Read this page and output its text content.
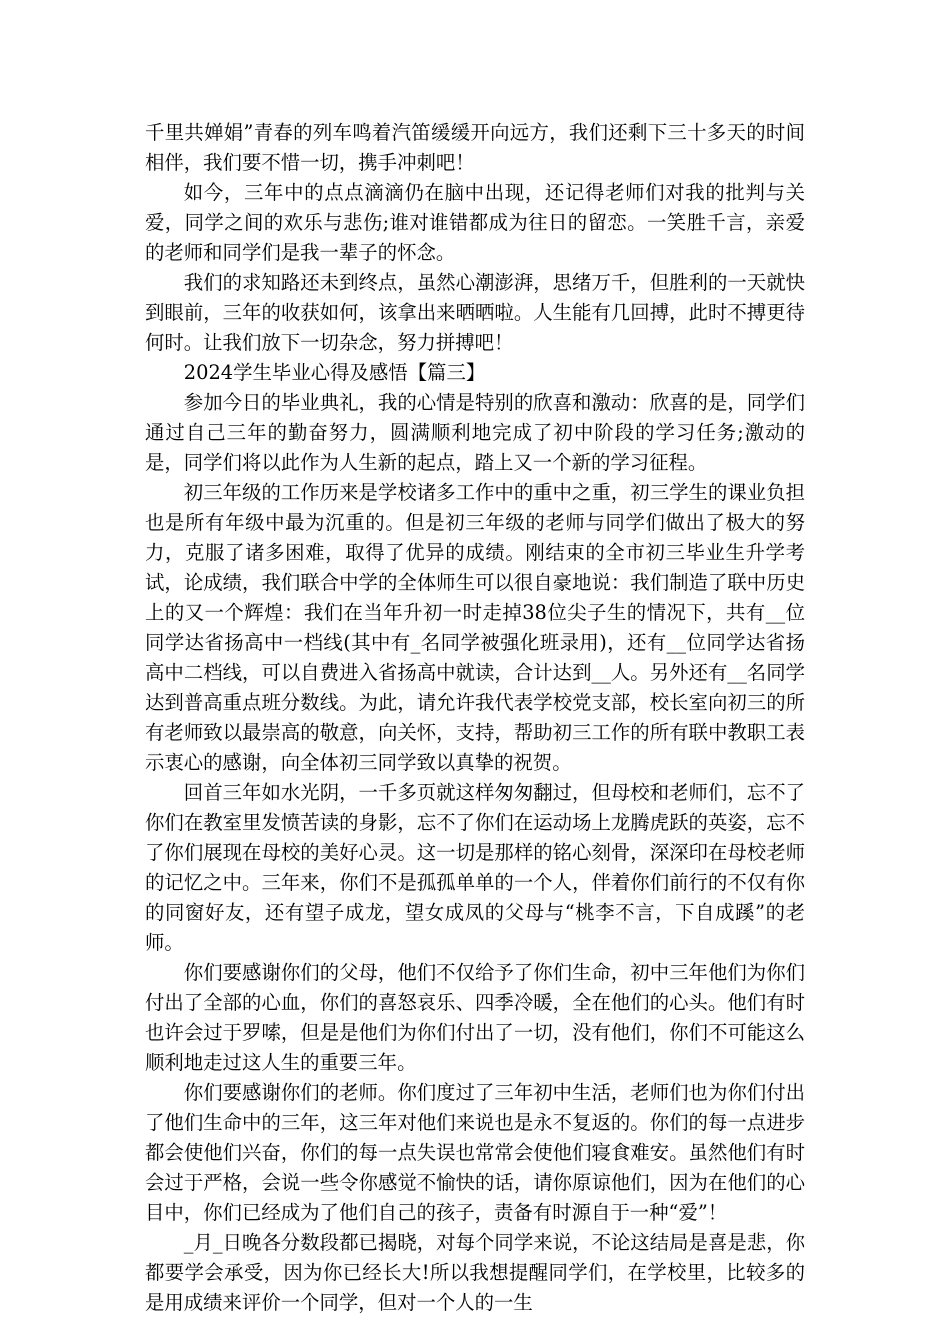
千里共婵娟”青春的列车鸣着汽笛缓缓开向远方，我们还剩下三十多天的时间相伴，我们要不惜一切，携手冲刺吧！

如今，三年中的点点滴滴仍在脑中出现，还记得老师们对我的批判与关爱，同学之间的欢乐与悲伤;谁对谁错都成为往日的留恋。一笑胜千言，亲爱的老师和同学们是我一辈子的怀念。

我们的求知路还未到终点，虽然心潮澎湃，思绪万千，但胜利的一天就快到眼前，三年的收获如何，该拿出来晒晒啦。人生能有几回搏，此时不搏更待何时。让我们放下一切杂念，努力拼搏吧！

2024学生毕业心得及感悟【篇三】

参加今日的毕业典礼，我的心情是特别的欣喜和激动：欣喜的是，同学们通过自己三年的勤奋努力，圆满顺利地完成了初中阶段的学习任务;激动的是，同学们将以此作为人生新的起点，踏上又一个新的学习征程。

初三年级的工作历来是学校诸多工作中的重中之重，初三学生的课业负担也是所有年级中最为沉重的。但是初三年级的老师与同学们做出了极大的努力，克服了诸多困难，取得了优异的成绩。刚结束的全市初三毕业生升学考试，论成绩，我们联合中学的全体师生可以很自豪地说：我们制造了联中历史上的又一个辉煌：我们在当年升初一时走掉38位尖子生的情况下，共有__位同学达省扬高中一档线(其中有_名同学被强化班录用)，还有__位同学达省扬高中二档线，可以自费进入省扬高中就读，合计达到__人。另外还有__名同学达到普高重点班分数线。为此，请允许我代表学校党支部，校长室向初三的所有老师致以最崇高的敬意，向关怀，支持，帮助初三工作的所有联中教职工表示衷心的感谢，向全体初三同学致以真挚的祝贺。

回首三年如水光阴，一千多页就这样匆匆翻过，但母校和老师们，忘不了你们在教室里发愤苦读的身影，忘不了你们在运动场上龙腾虎跃的英姿，忘不了你们展现在母校的美好心灵。这一切是那样的铭心刻骨，深深印在母校老师的记忆之中。三年来，你们不是孤孤单单的一个人，伴着你们前行的不仅有你的同窗好友，还有望子成龙，望女成凤的父母与“桃李不言，下自成蹊”的老师。

你们要感谢你们的父母，他们不仅给予了你们生命，初中三年他们为你们付出了全部的心血，你们的喜怒哀乐、四季冷暖，全在他们的心头。他们有时也许会过于罗嗦，但是是他们为你们付出了一切，没有他们，你们不可能这么顺利地走过这人生的重要三年。

你们要感谢你们的老师。你们度过了三年初中生活，老师们也为你们付出了他们生命中的三年，这三年对他们来说也是永不复返的。你们的每一点进步都会使他们兴奋，你们的每一点失误也常常会使他们寝食难安。虽然他们有时会过于严格，会说一些令你感觉不愉快的话，请你原谅他们，因为在他们的心目中，你们已经成为了他们自己的孩子，责备有时源自于一种“爱”！

_月_日晚各分数段都已揭晓，对每个同学来说，不论这结局是喜是悲，你都要学会承受，因为你已经长大!所以我想提醒同学们，在学校里，比较多的是用成绩来评价一个同学，但对一个人的一生
